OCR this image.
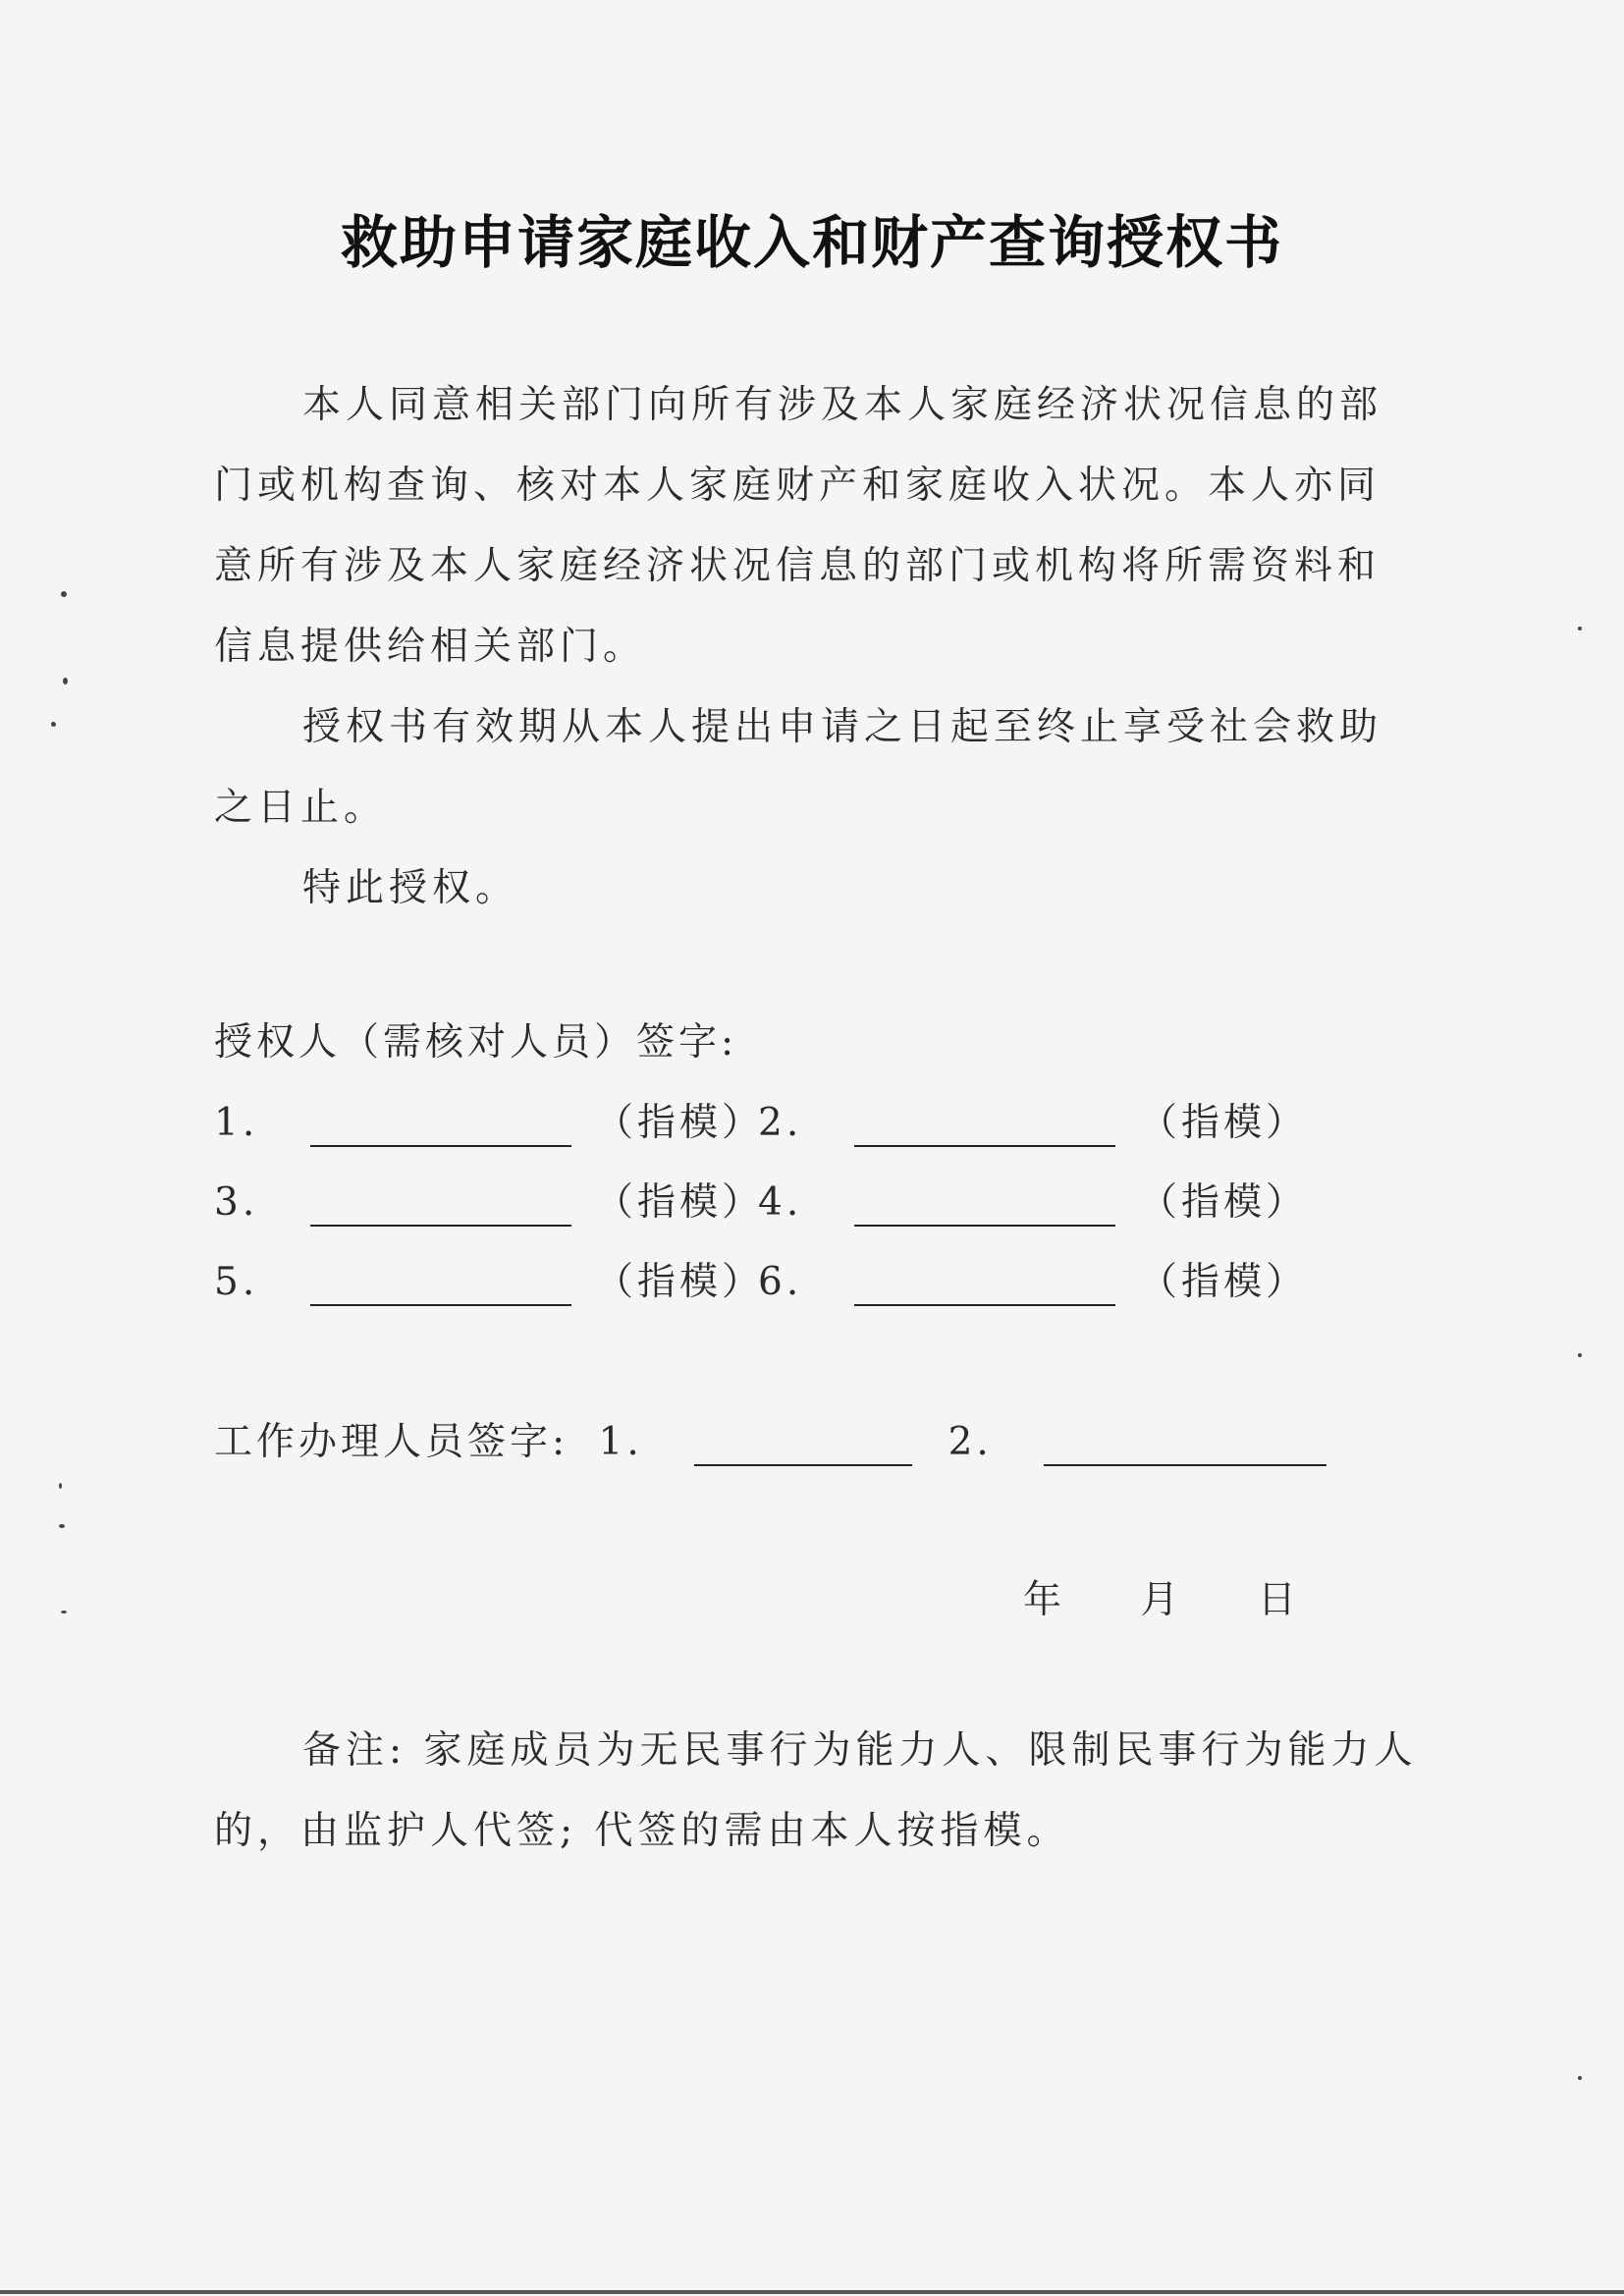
救助申请家庭收入和财产查询授权书
本人同意相关部门向所有涉及本人家庭经济状况信息的部门或机构查询、核对本人家庭财产和家庭收入状况。本人亦同意所有涉及本人家庭经济状况信息的部门或机构将所需资料和信息提供给相关部门。
授权书有效期从本人提出申请之日起至终止享受社会救助之日止。
特此授权。
授权人（需核对人员）签字:
1.	（指模）
2.	（指模）
3.	（指模）
4.	（指模）
5.	（指模）
6.	（指模）
工作办理人员签字: 1.	2.
年 月 日
备注: 家庭成员为无民事行为能力人、限制民事行为能力人的，由监护人代签; 代签的需由本人按指模。
